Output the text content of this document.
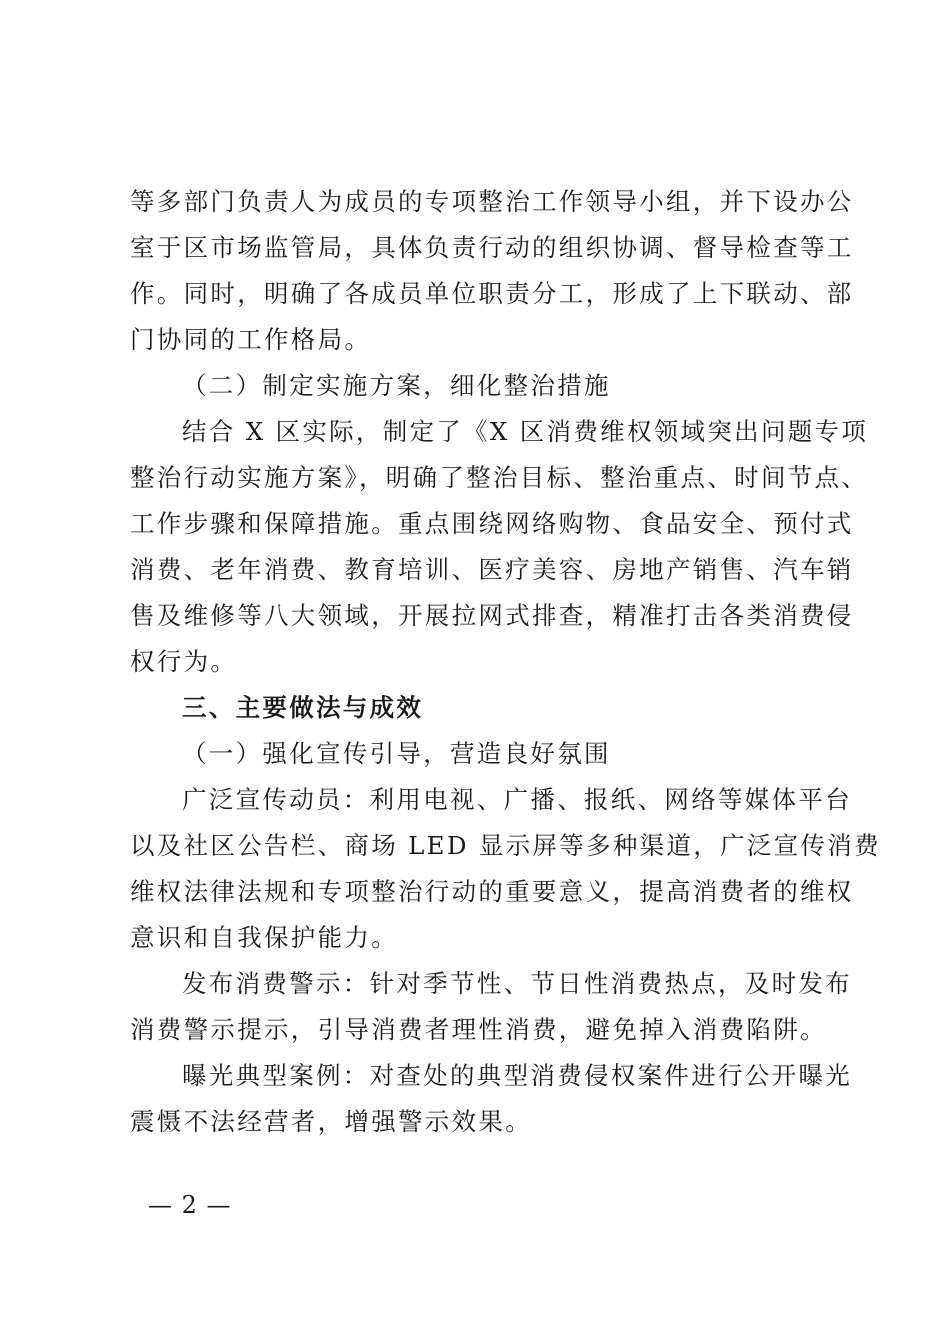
等多部门负责人为成员的专项整治工作领导小组，并下设办公
室于区市场监管局，具体负责行动的组织协调、督导检查等工
作。同时，明确了各成员单位职责分工，形成了上下联动、部
门协同的工作格局。
（二）制定实施方案，细化整治措施
结合 X 区实际，制定了《X 区消费维权领域突出问题专项
整治行动实施方案》，明确了整治目标、整治重点、时间节点、
工作步骤和保障措施。重点围绕网络购物、食品安全、预付式
消费、老年消费、教育培训、医疗美容、房地产销售、汽车销
售及维修等八大领域，开展拉网式排查，精准打击各类消费侵
权行为。
三、主要做法与成效
（一）强化宣传引导，营造良好氛围
广泛宣传动员：利用电视、广播、报纸、网络等媒体平台
以及社区公告栏、商场 LED 显示屏等多种渠道，广泛宣传消费
维权法律法规和专项整治行动的重要意义，提高消费者的维权
意识和自我保护能力。
发布消费警示：针对季节性、节日性消费热点，及时发布
消费警示提示，引导消费者理性消费，避免掉入消费陷阱。
曝光典型案例：对查处的典型消费侵权案件进行公开曝光
震慑不法经营者，增强警示效果。
— 2 —
